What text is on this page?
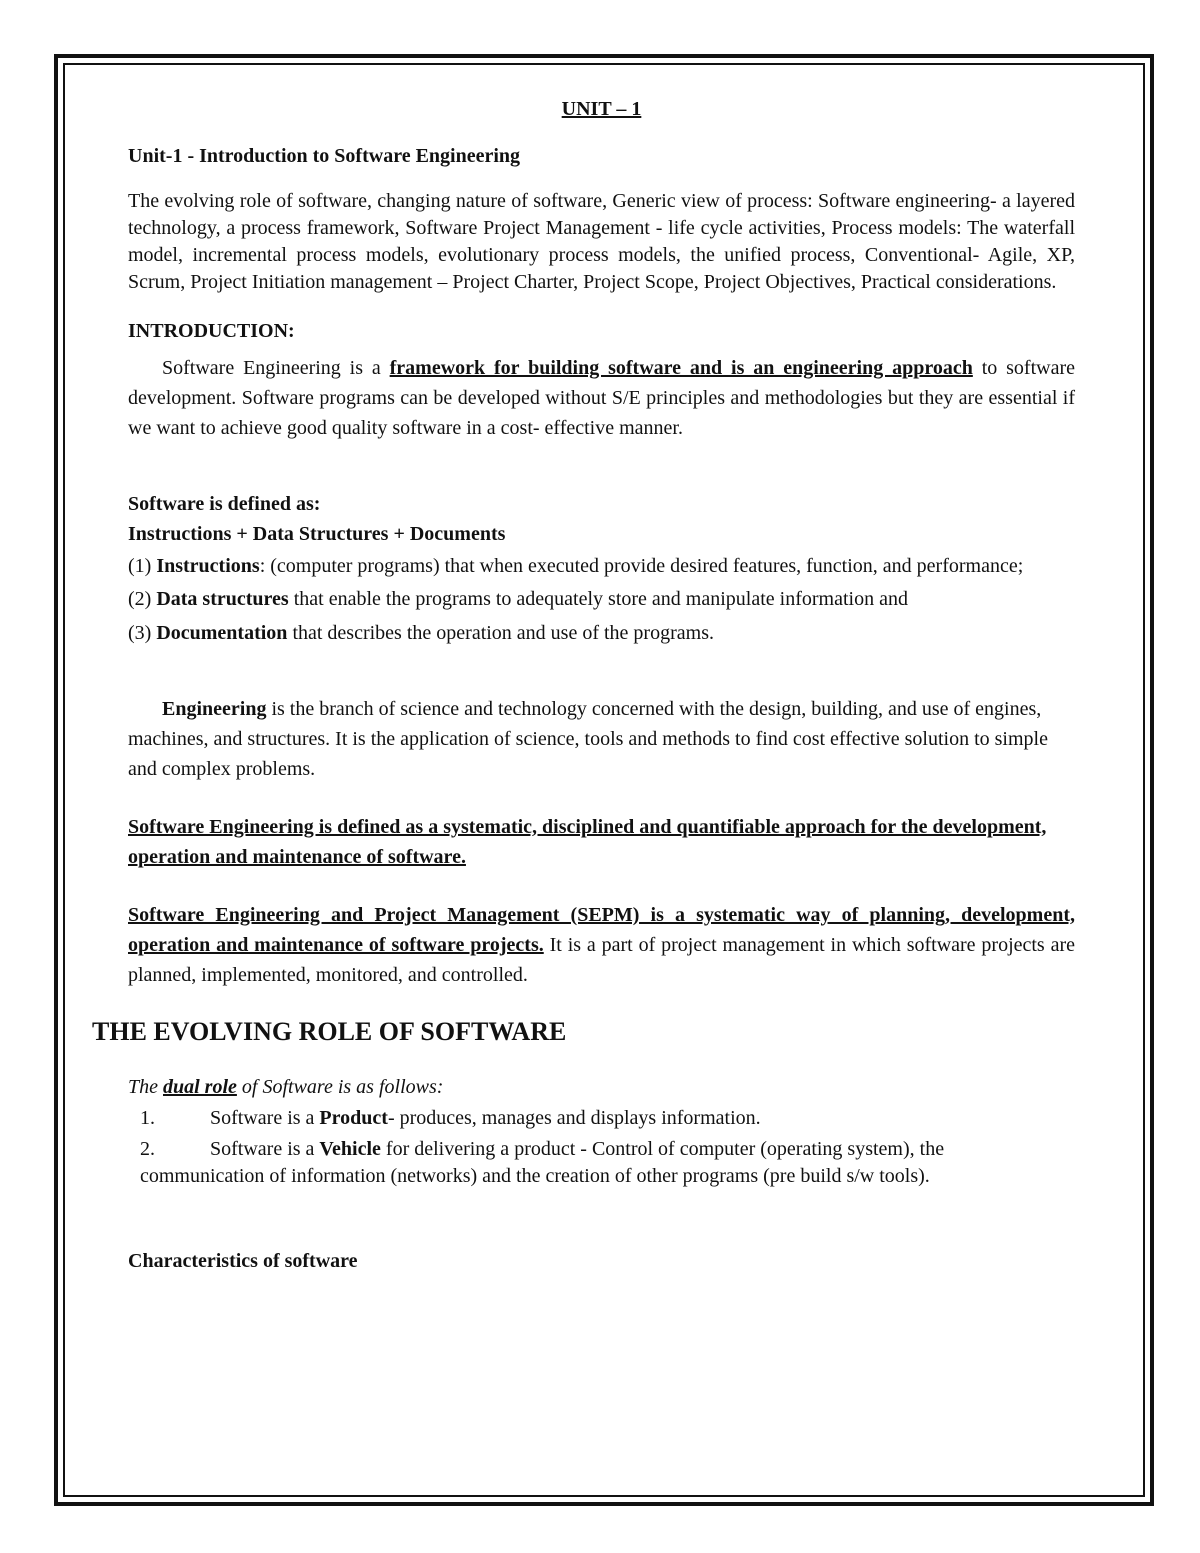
UNIT – 1

Unit-1 - Introduction to Software Engineering

The evolving role of software, changing nature of software, Generic view of process: Software engineering- a layered technology, a process framework, Software Project Management - life cycle activities, Process models: The waterfall model, incremental process models, evolutionary process models, the unified process, Conventional- Agile, XP, Scrum, Project Initiation management – Project Charter, Project Scope, Project Objectives, Practical considerations.

INTRODUCTION:

Software Engineering is a framework for building software and is an engineering approach to software development. Software programs can be developed without S/E principles and methodologies but they are essential if we want to achieve good quality software in a cost- effective manner.

Software is defined as:

Instructions + Data Structures + Documents

(1) Instructions: (computer programs) that when executed provide desired features, function, and performance;

(2) Data structures that enable the programs to adequately store and manipulate information and

(3) Documentation that describes the operation and use of the programs.

Engineering is the branch of science and technology concerned with the design, building, and use of engines, machines, and structures. It is the application of science, tools and methods to find cost effective solution to simple and complex problems.

Software Engineering is defined as a systematic, disciplined and quantifiable approach for the development, operation and maintenance of software.

Software Engineering and Project Management (SEPM) is a systematic way of planning, development, operation and maintenance of software projects. It is a part of project management in which software projects are planned, implemented, monitored, and controlled.

THE EVOLVING ROLE OF SOFTWARE

The dual role of Software is as follows:

1.	Software is a Product- produces, manages and displays information.
2.	Software is a Vehicle for delivering a product - Control of computer (operating system), the

communication of information (networks) and the creation of other programs (pre build s/w tools).

Characteristics of software
